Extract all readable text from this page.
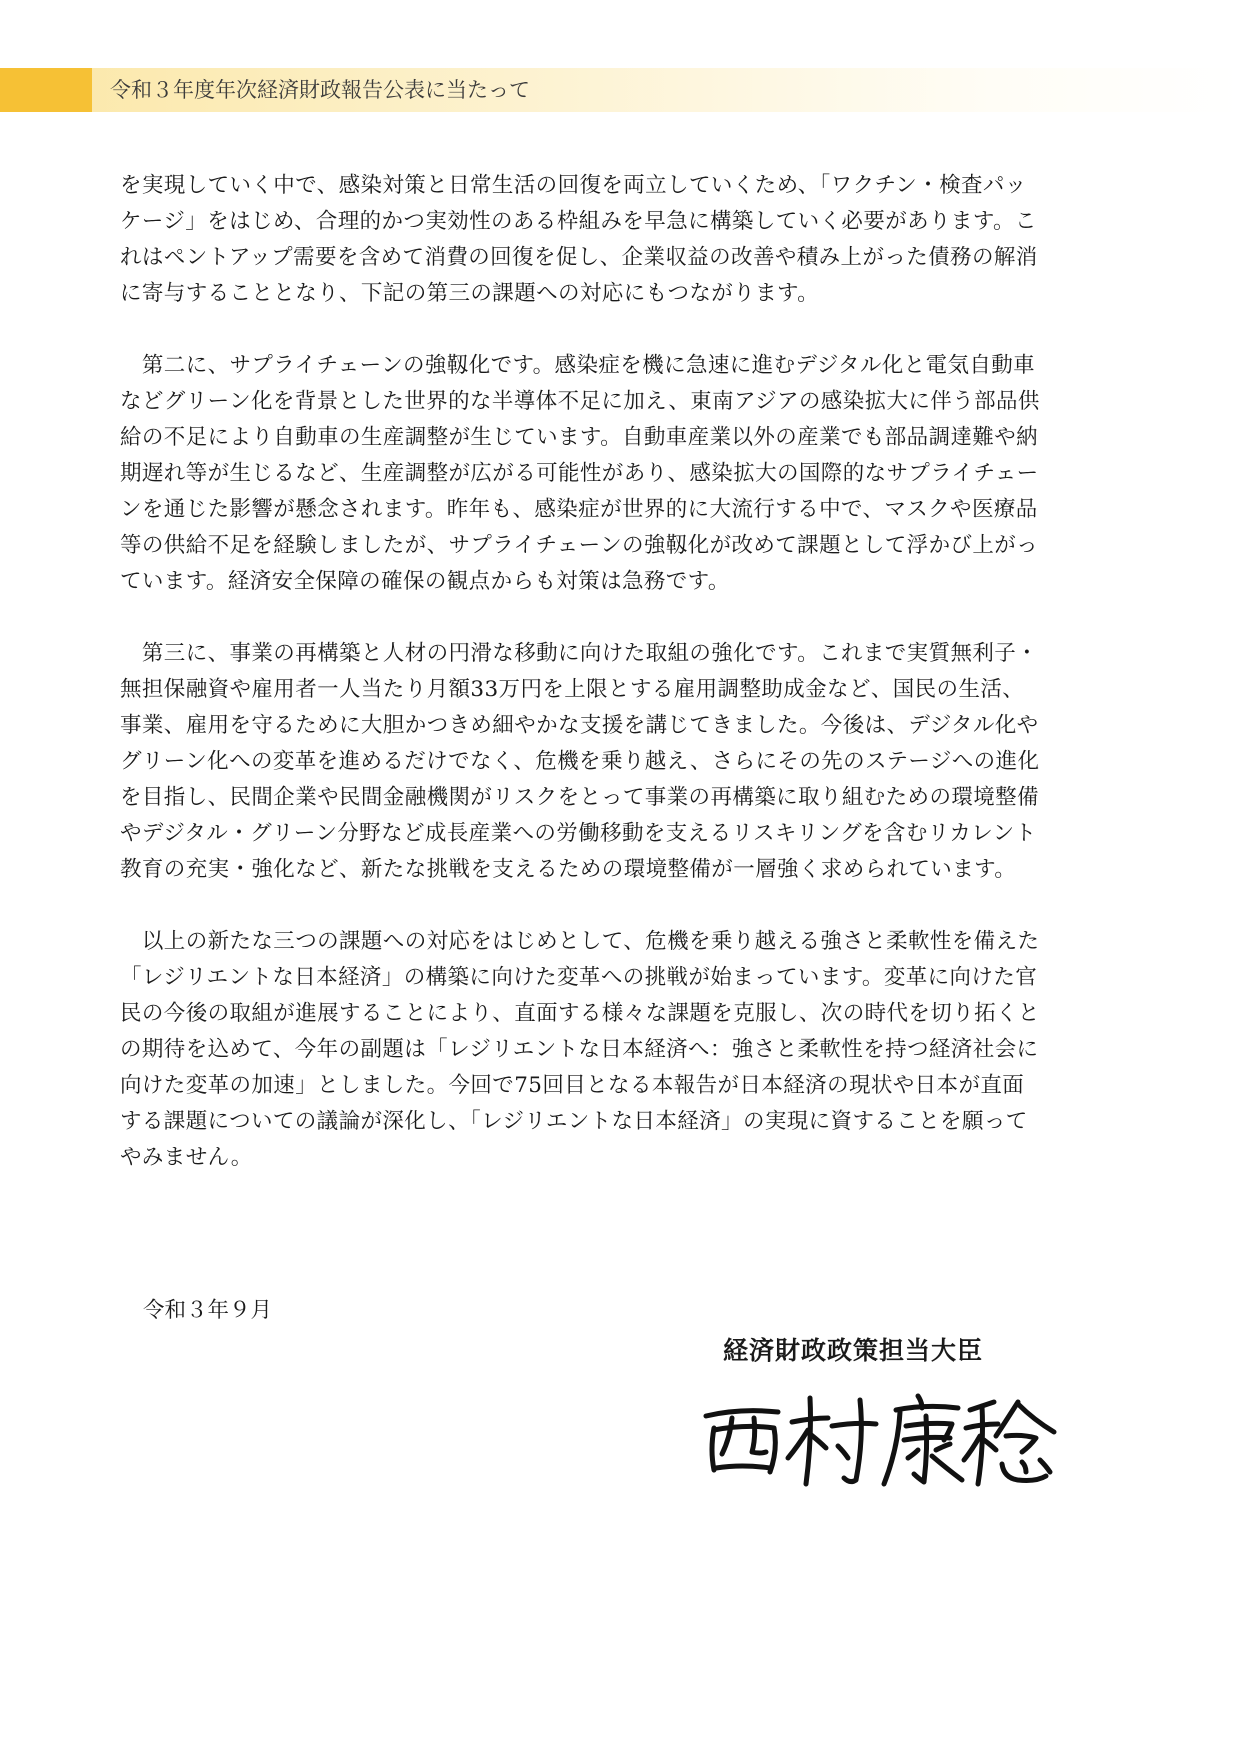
令和３年度年次経済財政報告公表に当たって
を実現していく中で、感染対策と日常生活の回復を両立していくため、「ワクチン・検査パッ
ケージ」をはじめ、合理的かつ実効性のある枠組みを早急に構築していく必要があります。こ
れはペントアップ需要を含めて消費の回復を促し、企業収益の改善や積み上がった債務の解消
に寄与することとなり、下記の第三の課題への対応にもつながります。
　第二に、サプライチェーンの強靱化です。感染症を機に急速に進むデジタル化と電気自動車
などグリーン化を背景とした世界的な半導体不足に加え、東南アジアの感染拡大に伴う部品供
給の不足により自動車の生産調整が生じています。自動車産業以外の産業でも部品調達難や納
期遅れ等が生じるなど、生産調整が広がる可能性があり、感染拡大の国際的なサプライチェー
ンを通じた影響が懸念されます。昨年も、感染症が世界的に大流行する中で、マスクや医療品
等の供給不足を経験しましたが、サプライチェーンの強靱化が改めて課題として浮かび上がっ
ています。経済安全保障の確保の観点からも対策は急務です。
　第三に、事業の再構築と人材の円滑な移動に向けた取組の強化です。これまで実質無利子・
無担保融資や雇用者一人当たり月額33万円を上限とする雇用調整助成金など、国民の生活、
事業、雇用を守るために大胆かつきめ細やかな支援を講じてきました。今後は、デジタル化や
グリーン化への変革を進めるだけでなく、危機を乗り越え、さらにその先のステージへの進化
を目指し、民間企業や民間金融機関がリスクをとって事業の再構築に取り組むための環境整備
やデジタル・グリーン分野など成長産業への労働移動を支えるリスキリングを含むリカレント
教育の充実・強化など、新たな挑戦を支えるための環境整備が一層強く求められています。
　以上の新たな三つの課題への対応をはじめとして、危機を乗り越える強さと柔軟性を備えた
「レジリエントな日本経済」の構築に向けた変革への挑戦が始まっています。変革に向けた官
民の今後の取組が進展することにより、直面する様々な課題を克服し、次の時代を切り拓くと
の期待を込めて、今年の副題は「レジリエントな日本経済へ：強さと柔軟性を持つ経済社会に
向けた変革の加速」としました。今回で75回目となる本報告が日本経済の現状や日本が直面
する課題についての議論が深化し、「レジリエントな日本経済」の実現に資することを願って
やみません。
令和３年９月
経済財政政策担当大臣
